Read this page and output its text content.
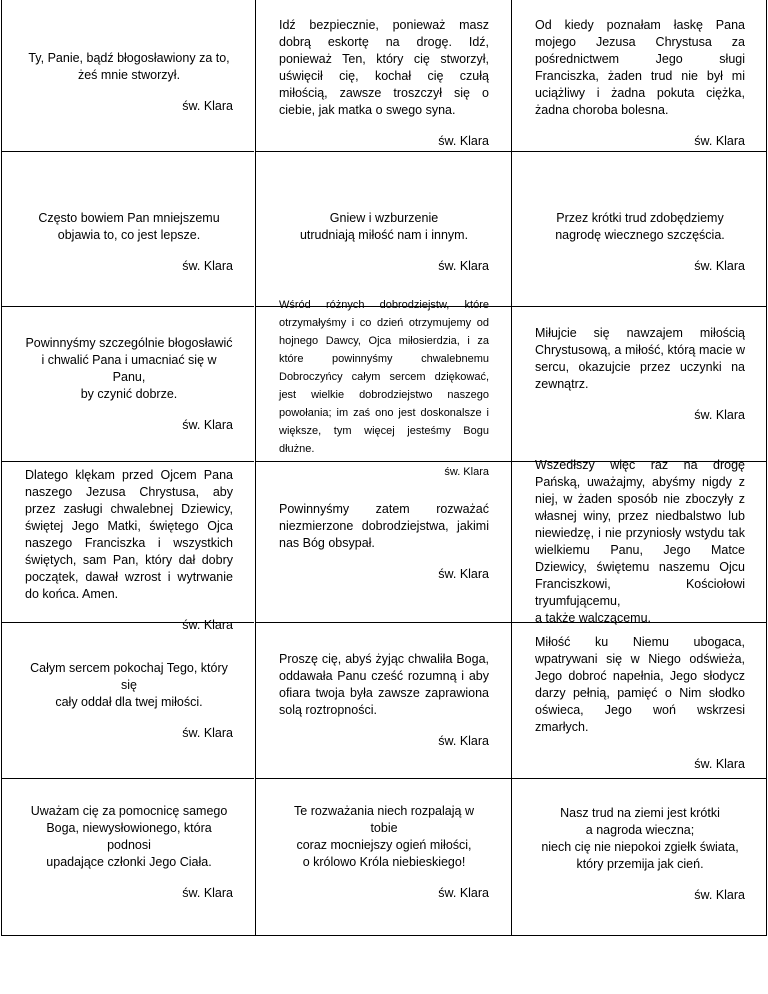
Ty, Panie, bądź błogosławiony za to,
żeś mnie stworzył.

św. Klara

Idź bezpiecznie, ponieważ masz dobrą eskortę na drogę. Idź, ponieważ Ten, który cię stworzył, uświęcił cię, kochał cię czułą miłością, zawsze troszczył się o ciebie, jak matka o swego syna.

św. Klara

Od kiedy poznałam łaskę Pana mojego Jezusa Chrystusa za pośrednictwem Jego sługi Franciszka, żaden trud nie był mi uciążliwy i żadna pokuta ciężka, żadna choroba bolesna.

św. Klara

Często bowiem Pan mniejszemu
objawia to, co jest lepsze.

św. Klara

Gniew i wzburzenie
utrudniają miłość nam i innym.

św. Klara

Przez krótki trud zdobędziemy
nagrodę wiecznego szczęścia.

św. Klara

Powinnyśmy szczególnie błogosławić
i chwalić Pana i umacniać się w Panu,
by czynić dobrze.

św. Klara

Wśród różnych dobrodziejstw, które otrzymałyśmy i co dzień otrzymujemy od hojnego Dawcy, Ojca miłosierdzia, i za które powinnyśmy chwalebnemu Dobroczyńcy całym sercem dziękować, jest wielkie dobrodziejstwo naszego powołania; im zaś ono jest doskonalsze i większe, tym więcej jesteśmy Bogu dłużne.

św. Klara

Miłujcie się nawzajem miłością Chrystusową, a miłość, którą macie w sercu, okazujcie przez uczynki na zewnątrz.

św. Klara

Dlatego klękam przed Ojcem Pana naszego Jezusa Chrystusa, aby przez zasługi chwalebnej Dziewicy, świętej Jego Matki, świętego Ojca naszego Franciszka i wszystkich świętych, sam Pan, który dał dobry początek, dawał wzrost i wytrwanie do końca. Amen.

św. Klara

Powinnyśmy zatem rozważać niezmierzone dobrodziejstwa, jakimi nas Bóg obsypał.

św. Klara

Wszedłszy więc raz na drogę Pańską, uważajmy, abyśmy nigdy z niej, w żaden sposób nie zboczyły z własnej winy, przez niedbalstwo lub niewiedzę, i nie przyniosły wstydu tak wielkiemu Panu, Jego Matce Dziewicy, świętemu naszemu Ojcu Franciszkowi, Kościołowi tryumfującemu,
a także walczącemu.

Całym sercem pokochaj Tego, który się
cały oddał dla twej miłości.

św. Klara

Proszę cię, abyś żyjąc chwaliła Boga, oddawała Panu cześć rozumną i aby ofiara twoja była zawsze zaprawiona solą roztropności.

św. Klara

Miłość ku Niemu ubogaca, wpatrywani się w Niego odświeża, Jego dobroć napełnia, Jego słodycz darzy pełnią, pamięć o Nim słodko oświeca, Jego woń wskrzesi zmarłych.

św. Klara

Uważam cię za pomocnicę samego
Boga, niewysłowionego, która podnosi
upadające członki Jego Ciała.

św. Klara

Te rozważania niech rozpalają w tobie
coraz mocniejszy ogień miłości,
o królowo Króla niebieskiego!

św. Klara

Nasz trud na ziemi jest krótki
a nagroda wieczna;
niech cię nie niepokoi zgiełk świata,
który przemija jak cień.

św. Klara
